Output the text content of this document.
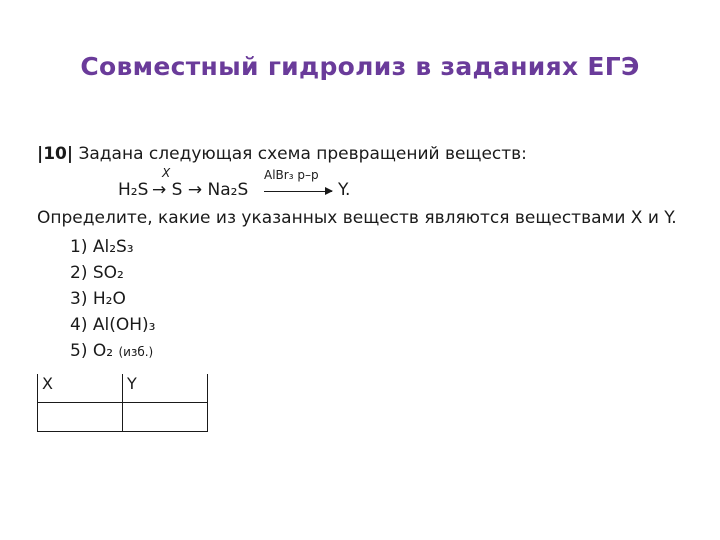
Совместный гидролиз в заданиях ЕГЭ
|10| Задана следующая схема превращений веществ:
H₂S
X
→ S → Na₂S
AlBr₃ р–р
Y.
Определите, какие из указанных веществ являются веществами X и Y.
1) Al₂S₃
2) SO₂
3) H₂O
4) Al(OH)₃
5) O₂ (изб.)
X	Y
